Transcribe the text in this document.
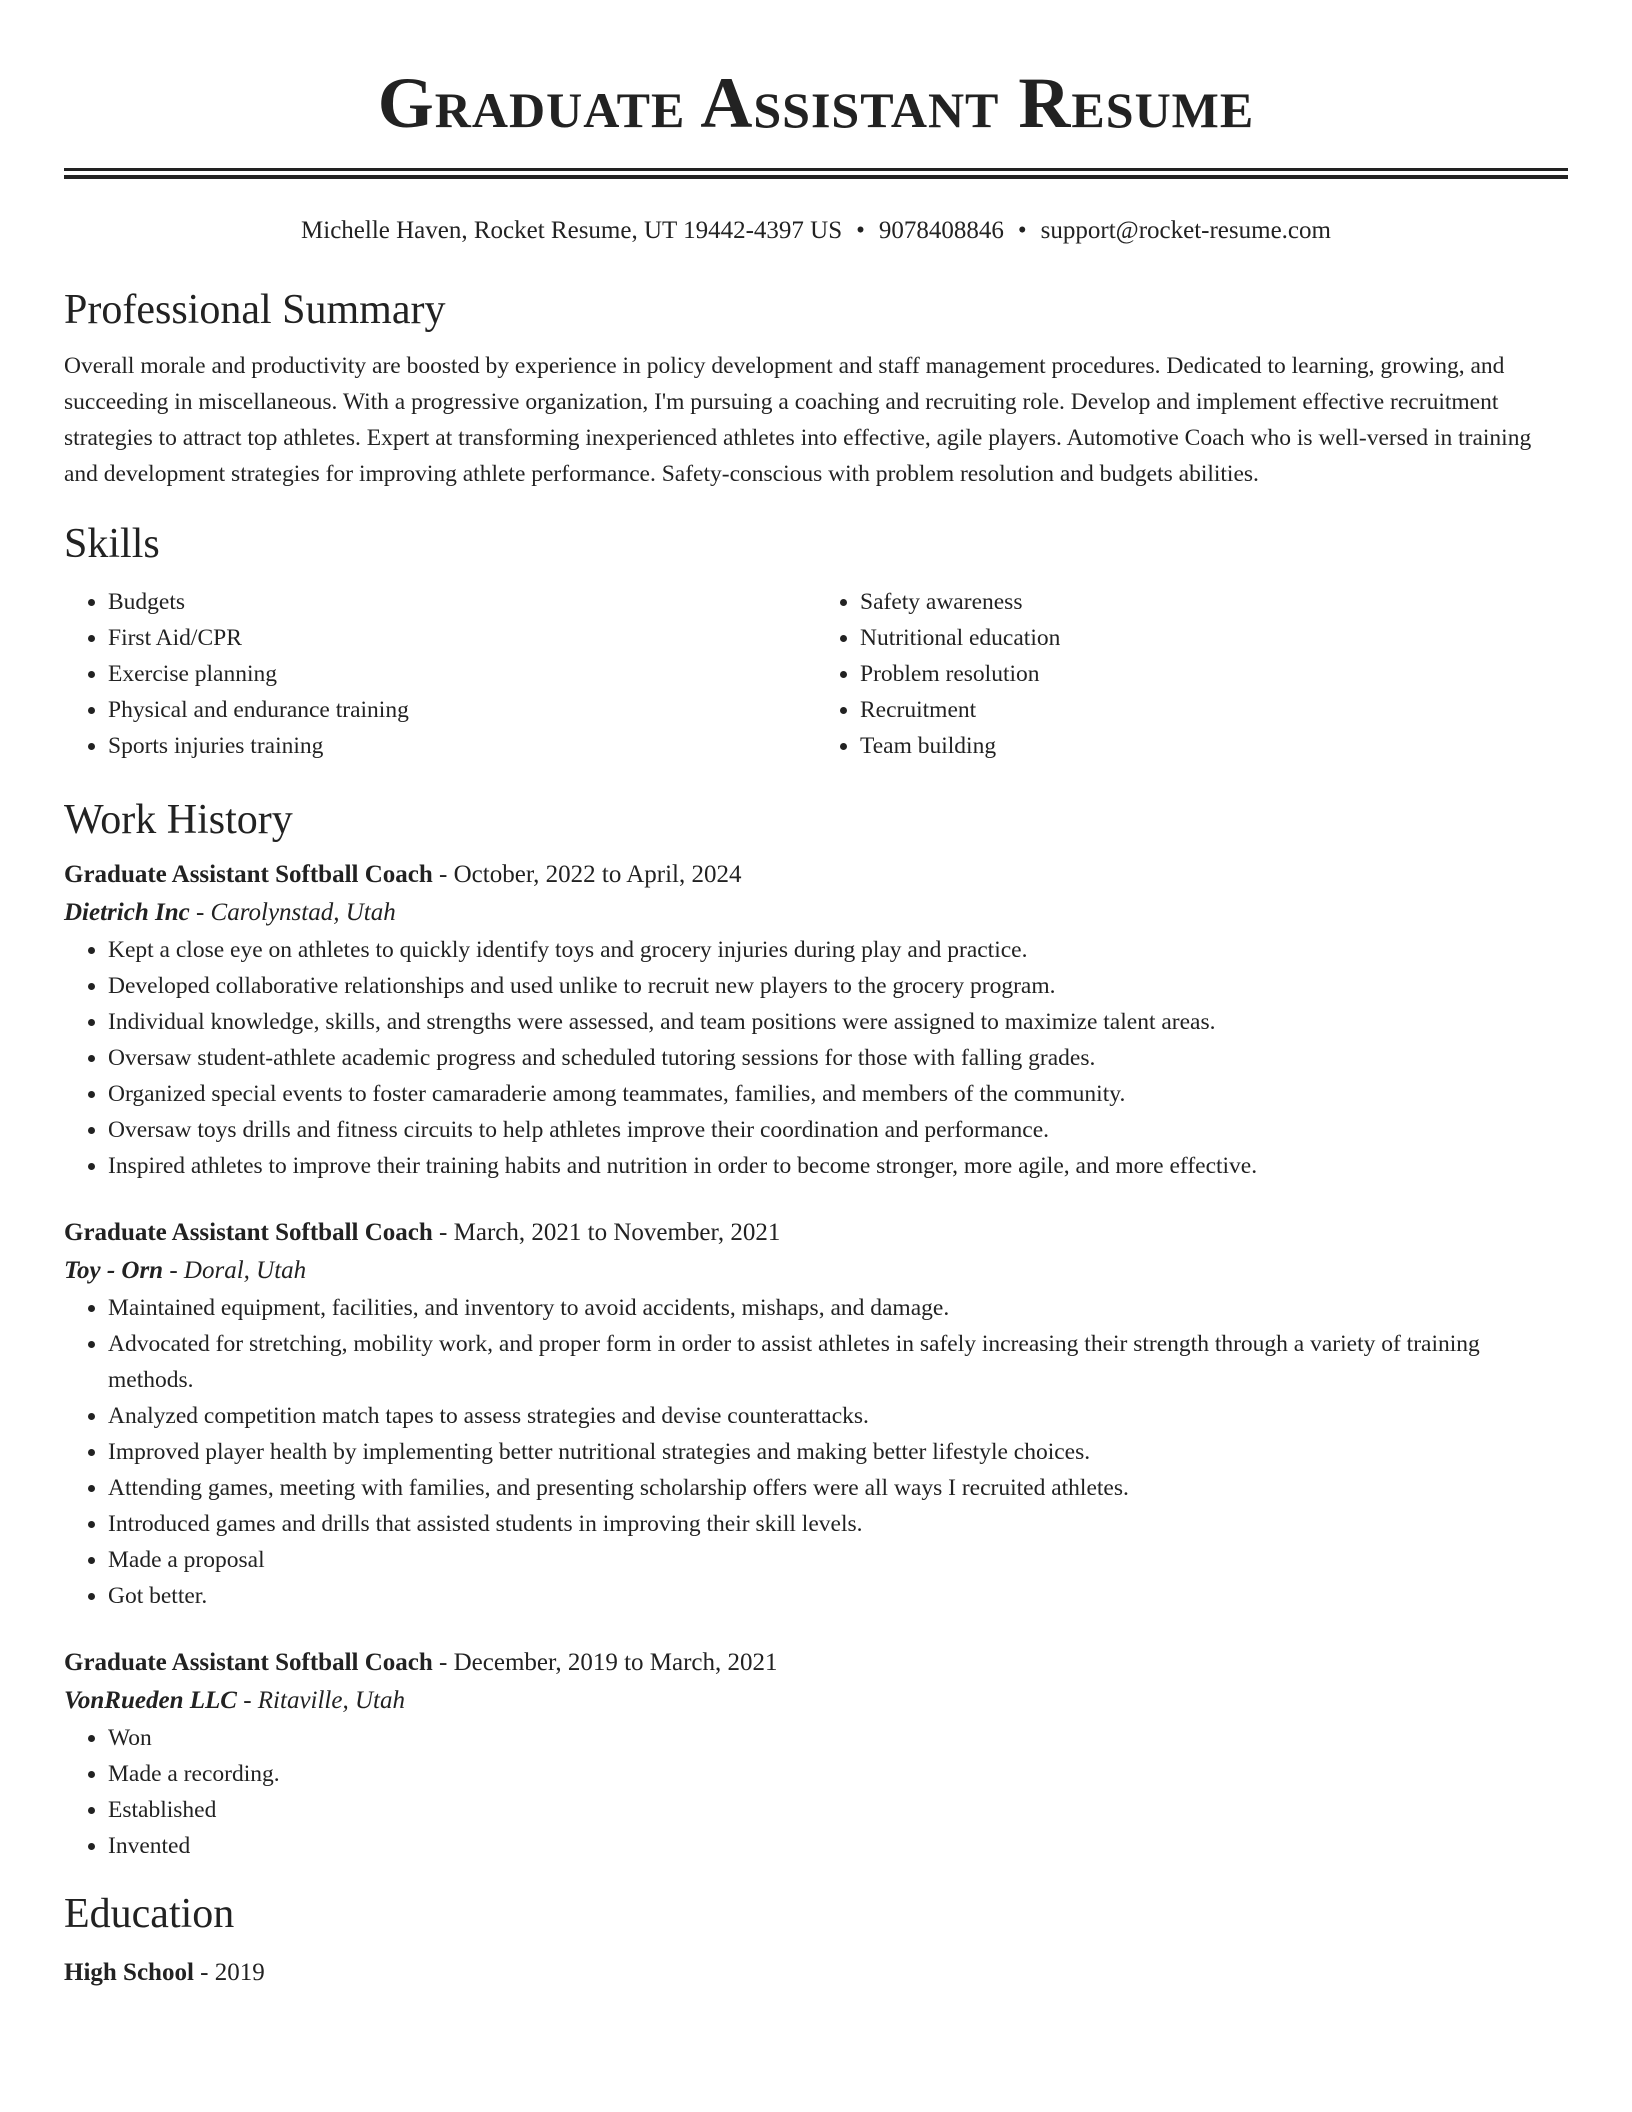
Graduate Assistant Resume
Michelle Haven, Rocket Resume, UT 19442-4397 US • 9078408846 • support@rocket-resume.com
Professional Summary

Overall morale and productivity are boosted by experience in policy development and staff management procedures. Dedicated to learning, growing, and succeeding in miscellaneous. With a progressive organization, I'm pursuing a coaching and recruiting role. Develop and implement effective recruitment strategies to attract top athletes. Expert at transforming inexperienced athletes into effective, agile players. Automotive Coach who is well-versed in training and development strategies for improving athlete performance. Safety-conscious with problem resolution and budgets abilities.

Skills
• Budgets
• First Aid/CPR
• Exercise planning
• Physical and endurance training
• Sports injuries training
• Safety awareness
• Nutritional education
• Problem resolution
• Recruitment
• Team building
Work History
Graduate Assistant Softball Coach - October, 2022 to April, 2024
Dietrich Inc - Carolynstad, Utah
• Kept a close eye on athletes to quickly identify toys and grocery injuries during play and practice.
• Developed collaborative relationships and used unlike to recruit new players to the grocery program.
• Individual knowledge, skills, and strengths were assessed, and team positions were assigned to maximize talent areas.
• Oversaw student-athlete academic progress and scheduled tutoring sessions for those with falling grades.
• Organized special events to foster camaraderie among teammates, families, and members of the community.
• Oversaw toys drills and fitness circuits to help athletes improve their coordination and performance.
• Inspired athletes to improve their training habits and nutrition in order to become stronger, more agile, and more effective.
Graduate Assistant Softball Coach - March, 2021 to November, 2021
Toy - Orn - Doral, Utah
• Maintained equipment, facilities, and inventory to avoid accidents, mishaps, and damage.
• Advocated for stretching, mobility work, and proper form in order to assist athletes in safely increasing their strength through a variety of training methods.
• Analyzed competition match tapes to assess strategies and devise counterattacks.
• Improved player health by implementing better nutritional strategies and making better lifestyle choices.
• Attending games, meeting with families, and presenting scholarship offers were all ways I recruited athletes.
• Introduced games and drills that assisted students in improving their skill levels.
• Made a proposal
• Got better.
Graduate Assistant Softball Coach - December, 2019 to March, 2021
VonRueden LLC - Ritaville, Utah
• Won
• Made a recording.
• Established
• Invented
Education
High School - 2019
